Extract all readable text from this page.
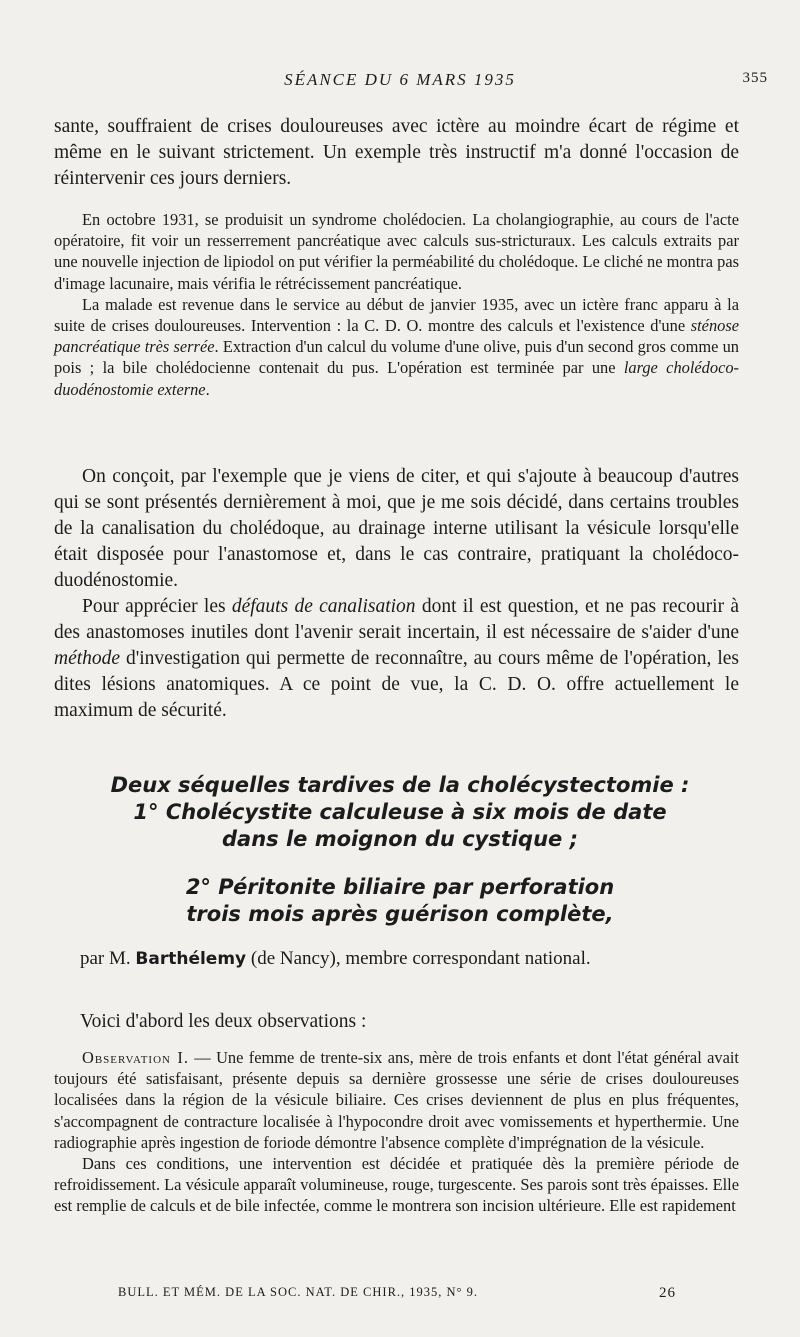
SÉANCE DU 6 MARS 1935	355

sante, souffraient de crises douloureuses avec ictère au moindre écart de régime et même en le suivant strictement. Un exemple très instructif m'a donné l'occasion de réintervenir ces jours derniers.

En octobre 1931, se produisit un syndrome cholédocien. La cholangiographie, au cours de l'acte opératoire, fit voir un resserrement pancréatique avec calculs sus-stricturaux. Les calculs extraits par une nouvelle injection de lipiodol on put vérifier la perméabilité du cholédoque. Le cliché ne montra pas d'image lacunaire, mais vérifia le rétrécissement pancréatique.

La malade est revenue dans le service au début de janvier 1935, avec un ictère franc apparu à la suite de crises douloureuses. Intervention : la C. D. O. montre des calculs et l'existence d'une sténose pancréatique très serrée. Extraction d'un calcul du volume d'une olive, puis d'un second gros comme un pois ; la bile cholédocienne contenait du pus. L'opération est terminée par une large cholédoco-duodénostomie externe.

On conçoit, par l'exemple que je viens de citer, et qui s'ajoute à beaucoup d'autres qui se sont présentés dernièrement à moi, que je me sois décidé, dans certains troubles de la canalisation du cholédoque, au drainage interne utilisant la vésicule lorsqu'elle était disposée pour l'anastomose et, dans le cas contraire, pratiquant la cholédoco-duodénostomie.

Pour apprécier les défauts de canalisation dont il est question, et ne pas recourir à des anastomoses inutiles dont l'avenir serait incertain, il est nécessaire de s'aider d'une méthode d'investigation qui permette de reconnaître, au cours même de l'opération, les dites lésions anatomiques. A ce point de vue, la C. D. O. offre actuellement le maximum de sécurité.

Deux séquelles tardives de la cholécystectomie :

1° Cholécystite calculeuse à six mois de date

dans le moignon du cystique ;

2° Péritonite biliaire par perforation

trois mois après guérison complète,

par M. Barthélemy (de Nancy), membre correspondant national.

Voici d'abord les deux observations :

Observation I. — Une femme de trente-six ans, mère de trois enfants et dont l'état général avait toujours été satisfaisant, présente depuis sa dernière grossesse une série de crises douloureuses localisées dans la région de la vésicule biliaire. Ces crises deviennent de plus en plus fréquentes, s'accompagnent de contracture localisée à l'hypocondre droit avec vomissements et hyperthermie. Une radiographie après ingestion de foriode démontre l'absence complète d'imprégnation de la vésicule.

Dans ces conditions, une intervention est décidée et pratiquée dès la première période de refroidissement. La vésicule apparaît volumineuse, rouge, turgescente. Ses parois sont très épaisses. Elle est remplie de calculs et de bile infectée, comme le montrera son incision ultérieure. Elle est rapidement

BULL. ET MÉM. DE LA SOC. NAT. DE CHIR., 1935, N° 9.	26
